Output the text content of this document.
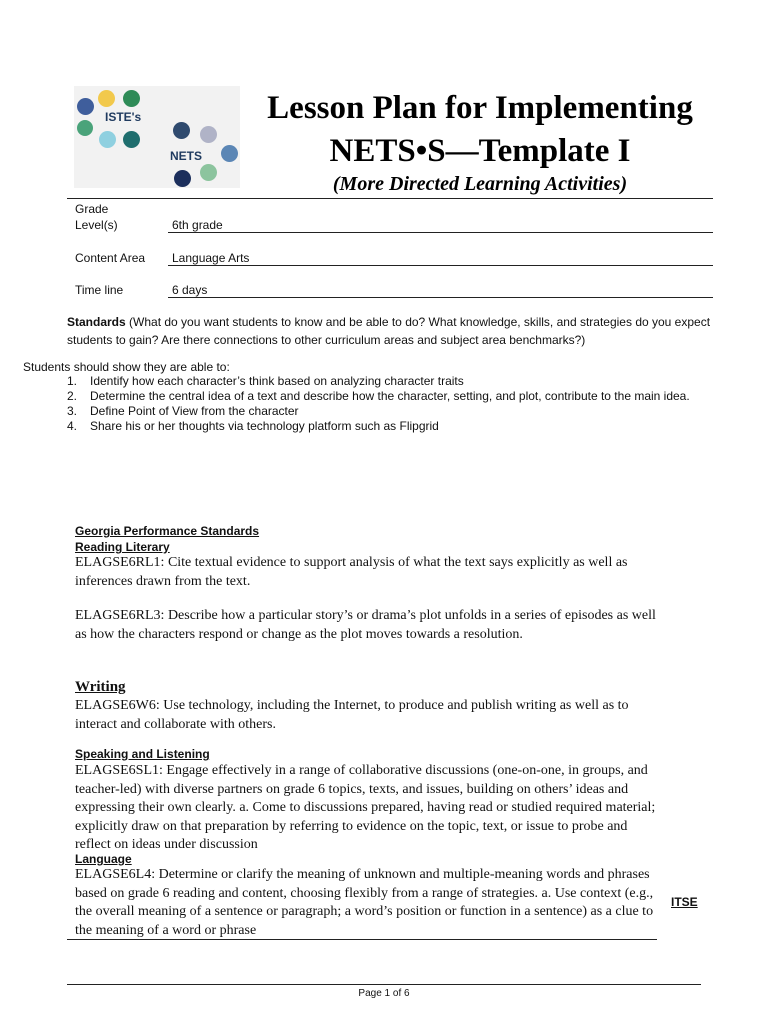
ISTE's
NETS
Lesson Plan for Implementing
NETS•S—Template I
(More Directed Learning Activities)
Grade
Level(s)	6th grade
Content Area Language Arts
Time line	6 days
Standards (What do you want students to know and be able to do? What knowledge, skills, and strategies do you expect students to gain? Are there connections to other curriculum areas and subject area benchmarks?)
Students should show they are able to:
1. Identify how each character’s think based on analyzing character traits
2. Determine the central idea of a text and describe how the character, setting, and plot, contribute to the main idea.
3. Define Point of View from the character
4. Share his or her thoughts via technology platform such as Flipgrid
Georgia Performance Standards
Reading Literary
ELAGSE6RL1: Cite textual evidence to support analysis of what the text says explicitly as well as inferences drawn from the text.
ELAGSE6RL3: Describe how a particular story’s or drama’s plot unfolds in a series of episodes as well as how the characters respond or change as the plot moves towards a resolution.
Writing
ELAGSE6W6: Use technology, including the Internet, to produce and publish writing as well as to interact and collaborate with others.
Speaking and Listening
ELAGSE6SL1: Engage effectively in a range of collaborative discussions (one-on-one, in groups, and teacher-led) with diverse partners on grade 6 topics, texts, and issues, building on others’ ideas and expressing their own clearly. a. Come to discussions prepared, having read or studied required material; explicitly draw on that preparation by referring to evidence on the topic, text, or issue to probe and reflect on ideas under discussion
Language
ELAGSE6L4: Determine or clarify the meaning of unknown and multiple-meaning words and phrases based on grade 6 reading and content, choosing flexibly from a range of strategies. a. Use context (e.g., the overall meaning of a sentence or paragraph; a word’s position or function in a sentence) as a clue to the meaning of a word or phrase
ITSE
Page 1 of 6
